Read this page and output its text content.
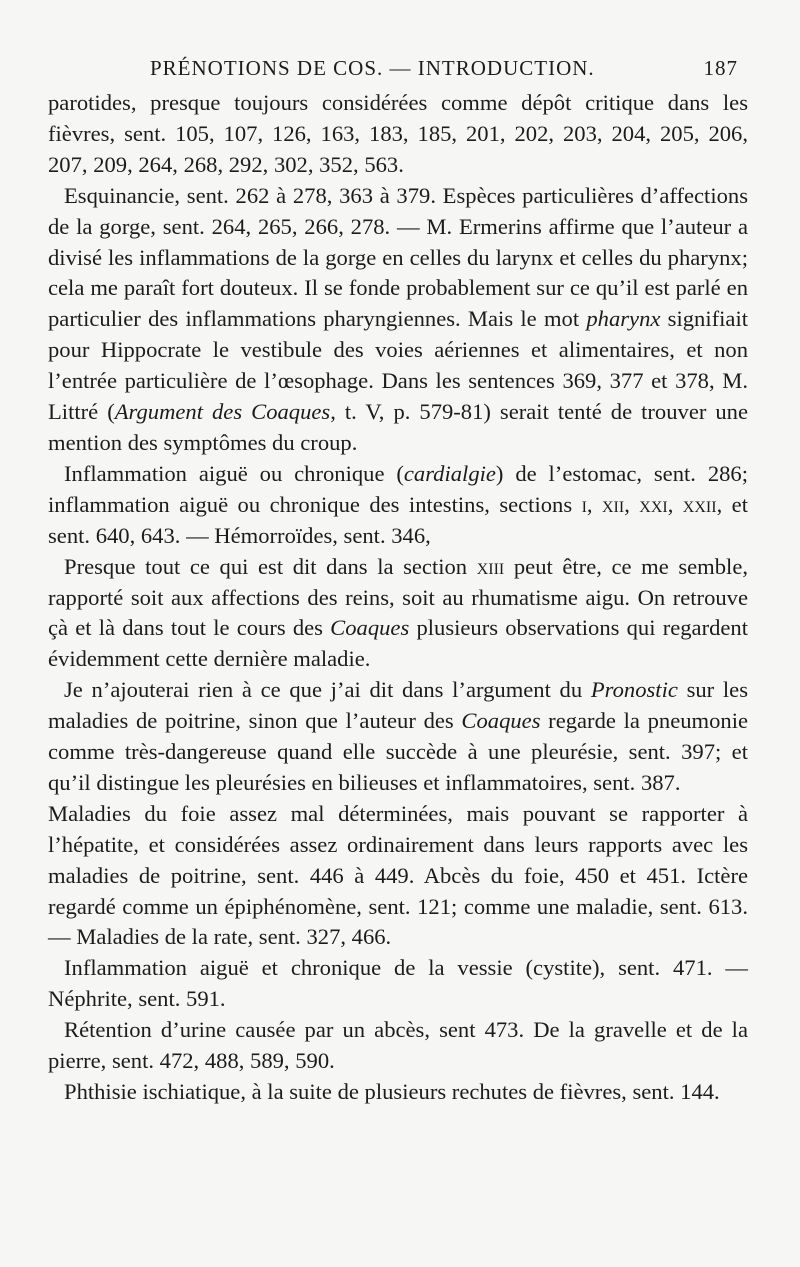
PRÉNOTIONS DE COS. — INTRODUCTION.	187

parotides, presque toujours considérées comme dépôt critique dans les fièvres, sent. 105, 107, 126, 163, 183, 185, 201, 202, 203, 204, 205, 206, 207, 209, 264, 268, 292, 302, 352, 563.

Esquinancie, sent. 262 à 278, 363 à 379. Espèces particulières d’affections de la gorge, sent. 264, 265, 266, 278. — M. Ermerins affirme que l’auteur a divisé les inflammations de la gorge en celles du larynx et celles du pharynx; cela me paraît fort douteux. Il se fonde probablement sur ce qu’il est parlé en particulier des inflammations pharyngiennes. Mais le mot pharynx signifiait pour Hippocrate le vestibule des voies aériennes et alimentaires, et non l’entrée particulière de l’œsophage. Dans les sentences 369, 377 et 378, M. Littré (Argument des Coaques, t. V, p. 579-81) serait tenté de trouver une mention des symptômes du croup.

Inflammation aiguë ou chronique (cardialgie) de l’estomac, sent. 286; inflammation aiguë ou chronique des intestins, sections i, xii, xxi, xxii, et sent. 640, 643. — Hémorroïdes, sent. 346,

Presque tout ce qui est dit dans la section xiii peut être, ce me semble, rapporté soit aux affections des reins, soit au rhumatisme aigu. On retrouve çà et là dans tout le cours des Coaques plusieurs observations qui regardent évidemment cette dernière maladie.

Je n’ajouterai rien à ce que j’ai dit dans l’argument du Pronostic sur les maladies de poitrine, sinon que l’auteur des Coaques regarde la pneumonie comme très-dangereuse quand elle succède à une pleurésie, sent. 397; et qu’il distingue les pleurésies en bilieuses et inflammatoires, sent. 387.

Maladies du foie assez mal déterminées, mais pouvant se rapporter à l’hépatite, et considérées assez ordinairement dans leurs rapports avec les maladies de poitrine, sent. 446 à 449. Abcès du foie, 450 et 451. Ictère regardé comme un épiphénomène, sent. 121; comme une maladie, sent. 613. — Maladies de la rate, sent. 327, 466.

Inflammation aiguë et chronique de la vessie (cystite), sent. 471. — Néphrite, sent. 591.

Rétention d’urine causée par un abcès, sent 473. De la gravelle et de la pierre, sent. 472, 488, 589, 590.

Phthisie ischiatique, à la suite de plusieurs rechutes de fièvres, sent. 144.
